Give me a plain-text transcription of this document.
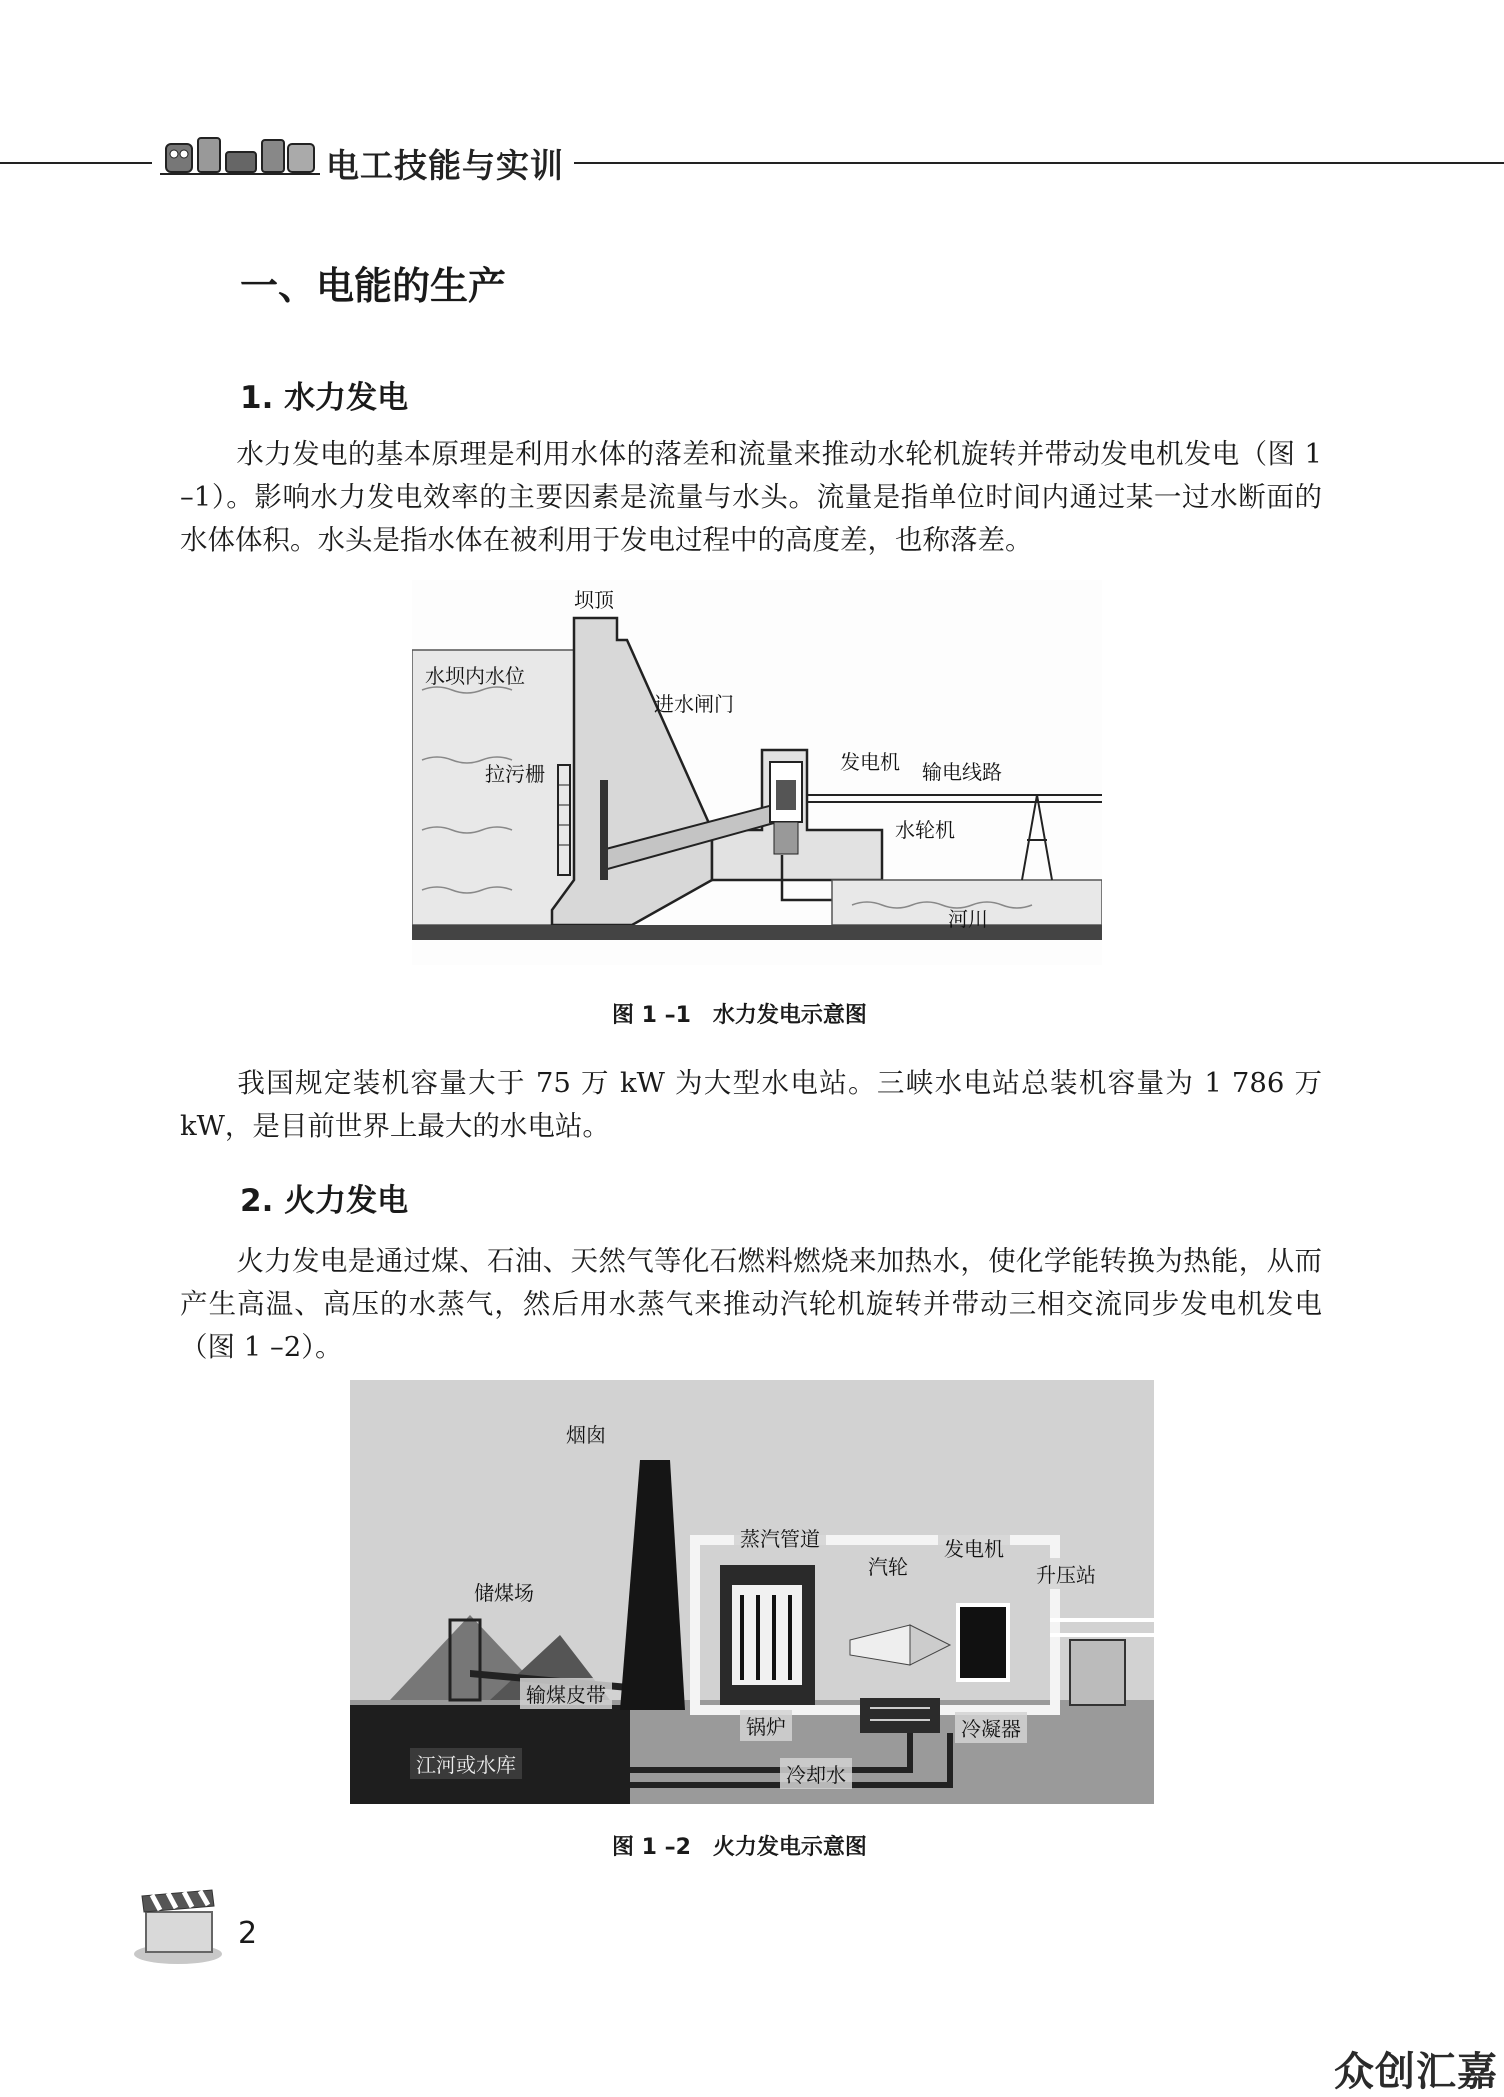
电工技能与实训
一、电能的生产
1. 水力发电
水力发电的基本原理是利用水体的落差和流量来推动水轮机旋转并带动发电机发电（图 1 –1）。影响水力发电效率的主要因素是流量与水头。流量是指单位时间内通过某一过水断面的水体体积。水头是指水体在被利用于发电过程中的高度差，也称落差。
坝顶
水坝内水位
进水闸门
拉污栅	发电机 输电线路
水轮机
河川
图 1 –1　水力发电示意图
我国规定装机容量大于 75 万 kW 为大型水电站。三峡水电站总装机容量为 1 786 万 kW，是目前世界上最大的水电站。
2. 火力发电
火力发电是通过煤、石油、天然气等化石燃料燃烧来加热水，使化学能转换为热能，从而产生高温、高压的水蒸气，然后用水蒸气来推动汽轮机旋转并带动三相交流同步发电机发电（图 1 –2）。
烟囱
蒸汽管道
汽轮
发电机
升压站
储煤场
输煤皮带
锅炉	冷凝器
江河或水库	冷却水
图 1 –2　火力发电示意图
2
众创汇嘉
